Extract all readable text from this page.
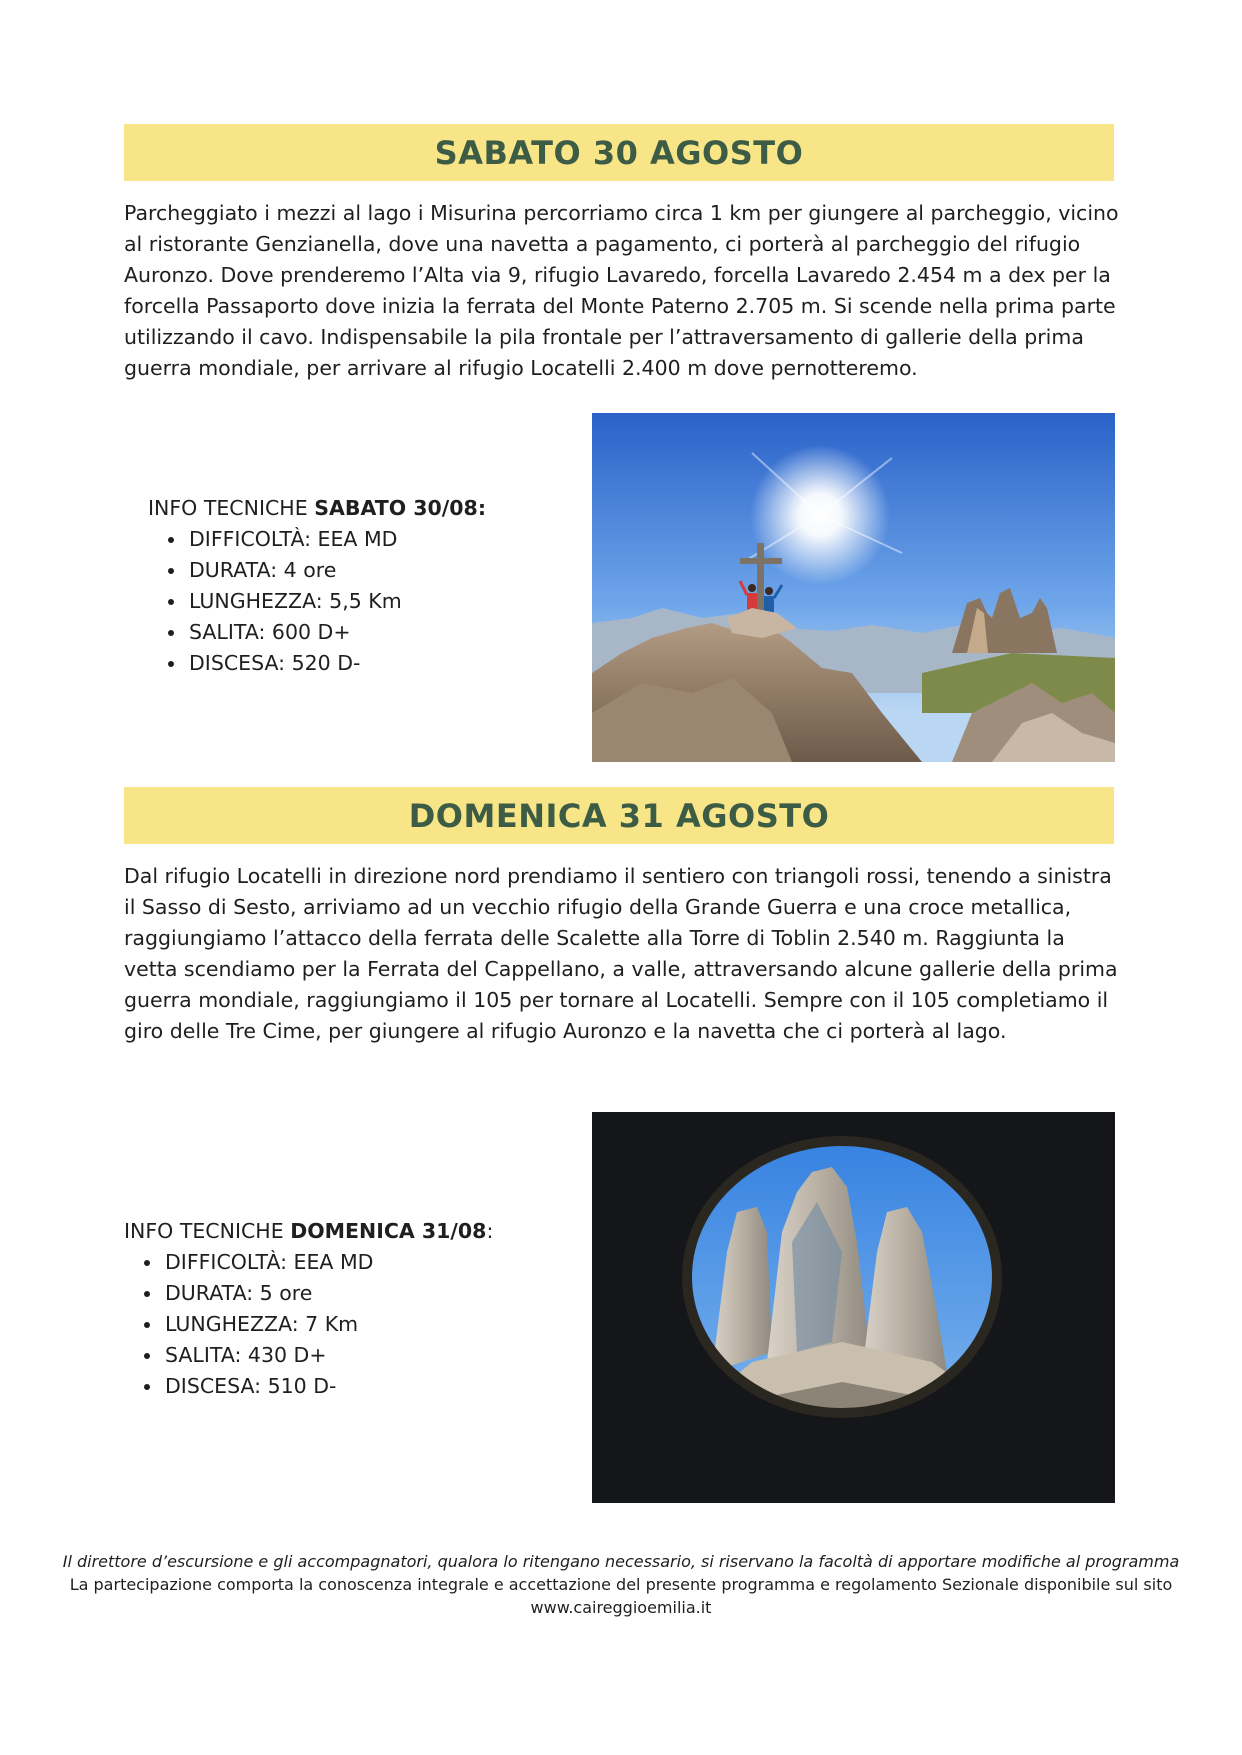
SABATO 30 AGOSTO

Parcheggiato i mezzi al lago i Misurina percorriamo circa 1 km per giungere al parcheggio, vicino al ristorante Genzianella, dove una navetta a pagamento, ci porterà al parcheggio del rifugio Auronzo. Dove prenderemo l’Alta via 9, rifugio Lavaredo, forcella Lavaredo 2.454 m a dex per la forcella Passaporto dove inizia la ferrata del Monte Paterno 2.705 m. Si scende nella prima parte utilizzando il cavo. Indispensabile la pila frontale per l’attraversamento di gallerie della prima guerra mondiale, per arrivare al rifugio Locatelli 2.400 m dove pernotteremo.

INFO TECNICHE SABATO 30/08:

• DIFFICOLTÀ: EEA MD
• DURATA: 4 ore
• LUNGHEZZA: 5,5 Km
• SALITA: 600 D+
• DISCESA: 520 D-
DOMENICA 31 AGOSTO

Dal rifugio Locatelli in direzione nord prendiamo il sentiero con triangoli rossi, tenendo a sinistra il Sasso di Sesto, arriviamo ad un vecchio rifugio della Grande Guerra e una croce metallica, raggiungiamo l’attacco della ferrata delle Scalette alla Torre di Toblin 2.540 m. Raggiunta la vetta scendiamo per la Ferrata del Cappellano, a valle, attraversando alcune gallerie della prima guerra mondiale, raggiungiamo il 105 per tornare al Locatelli. Sempre con il 105 completiamo il giro delle Tre Cime, per giungere al rifugio Auronzo e la navetta che ci porterà al lago.

INFO TECNICHE DOMENICA 31/08:

• DIFFICOLTÀ: EEA MD
• DURATA: 5 ore
• LUNGHEZZA: 7 Km
• SALITA: 430 D+
• DISCESA: 510 D-
Il direttore d’escursione e gli accompagnatori, qualora lo ritengano necessario, si riservano la facoltà di apportare modifiche al programma
La partecipazione comporta la conoscenza integrale e accettazione del presente programma e regolamento Sezionale disponibile sul sito
www.caireggioemilia.it
